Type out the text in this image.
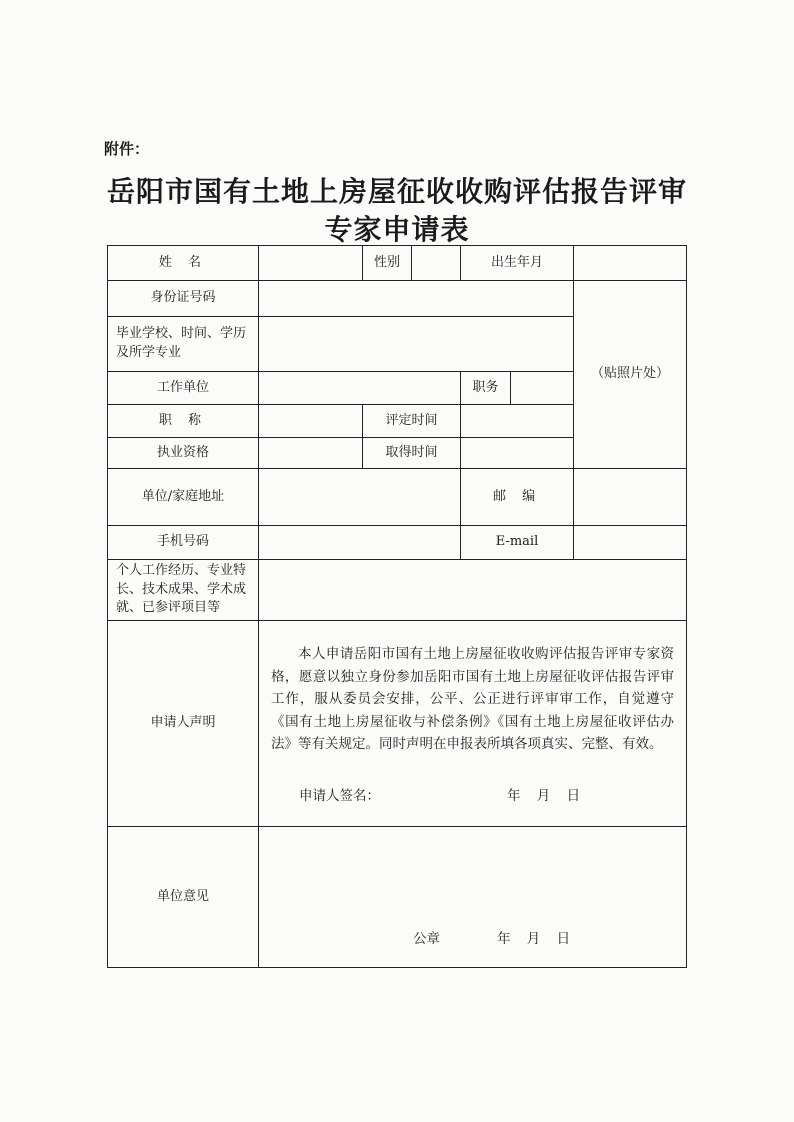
附件：
岳阳市国有土地上房屋征收收购评估报告评审
专家申请表
姓 名		性别		出生年月			
身份证号码						（贴照片处）	
毕业学校、时间、学历及所学专业							
工作单位				职务			
职 称		评定时间					
执业资格		取得时间					
单位/家庭地址				邮 编			
手机号码				E-mail			
个人工作经历、专业特长、技术成果、学术成就、已参评项目等							
申请人声明	本人申请岳阳市国有土地上房屋征收收购评估报告评审专家资格，愿意以独立身份参加岳阳市国有土地上房屋征收评估报告评审工作，服从委员会安排，公平、公正进行评审审工作，自觉遵守《国有土地上房屋征收与补偿条例》《国有土地上房屋征收评估办法》等有关规定。同时声明在申报表所填各项真实、完整、有效。
申请人签名： 年 月 日						

单位意见	公章 年 月 日						
